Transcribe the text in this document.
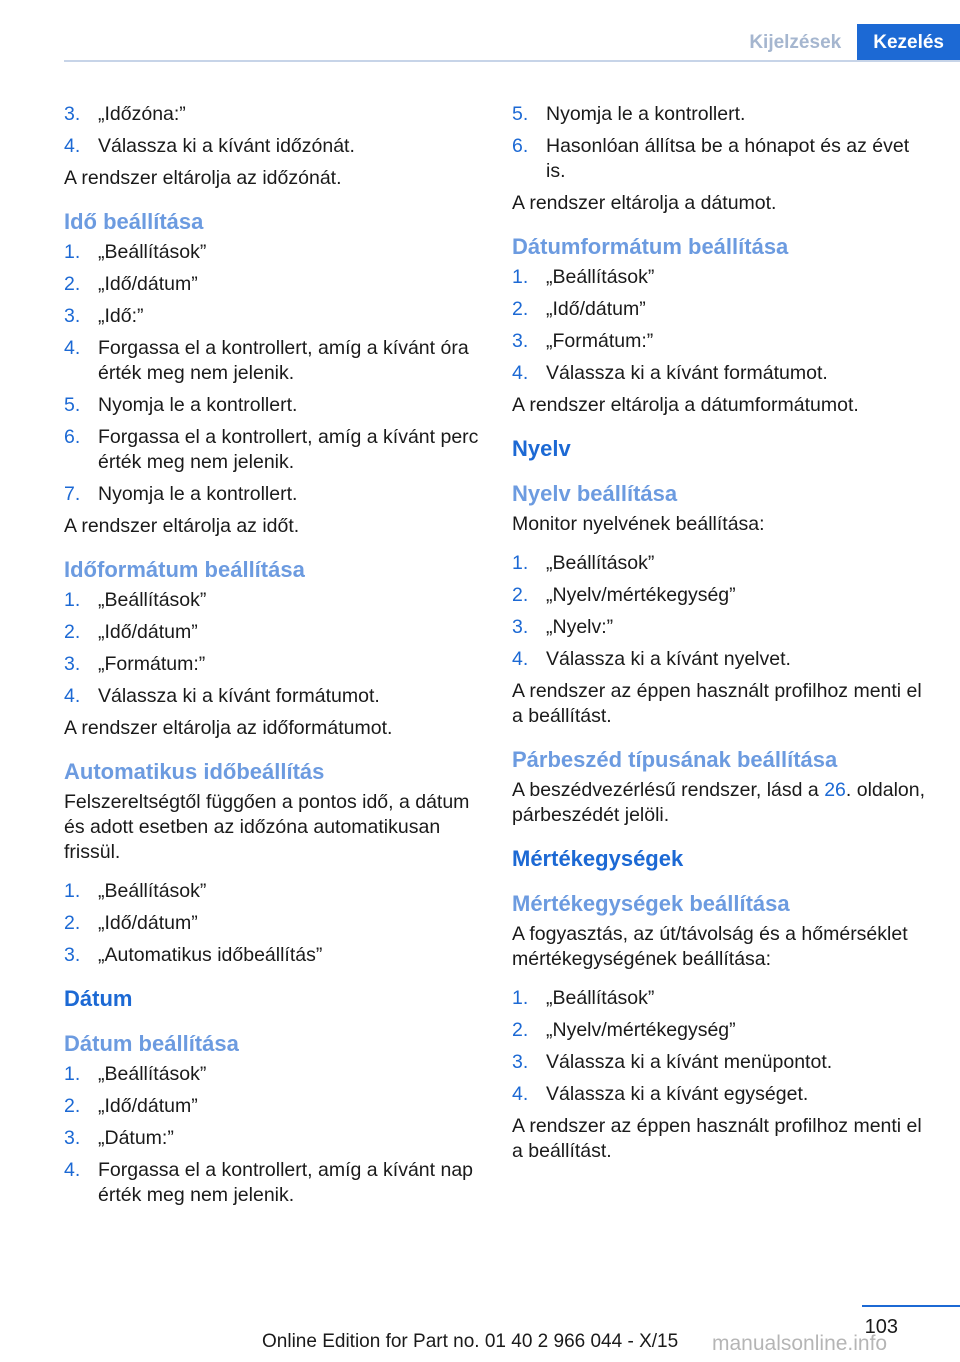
Kijelzések	Kezelés
3. „Időzóna:”
4. Válassza ki a kívánt időzónát.

A rendszer eltárolja az időzónát.

Idő beállítása
1. „Beállítások”
2. „Idő/dátum”
3. „Idő:”
4. Forgassa el a kontrollert, amíg a kívánt óra érték meg nem jelenik.
5. Nyomja le a kontrollert.
6. Forgassa el a kontrollert, amíg a kívánt perc érték meg nem jelenik.
7. Nyomja le a kontrollert.

A rendszer eltárolja az időt.

Időformátum beállítása
1. „Beállítások”
2. „Idő/dátum”
3. „Formátum:”
4. Válassza ki a kívánt formátumot.

A rendszer eltárolja az időformátumot.

Automatikus időbeállítás

Felszereltségtől függően a pontos idő, a dátum és adott esetben az időzóna automatikusan frissül.

1. „Beállítások”
2. „Idő/dátum”
3. „Automatikus időbeállítás”
Dátum
Dátum beállítása
1. „Beállítások”
2. „Idő/dátum”
3. „Dátum:”
4. Forgassa el a kontrollert, amíg a kívánt nap érték meg nem jelenik.
5. Nyomja le a kontrollert.
6. Hasonlóan állítsa be a hónapot és az évet is.

A rendszer eltárolja a dátumot.

Dátumformátum beállítása
1. „Beállítások”
2. „Idő/dátum”
3. „Formátum:”
4. Válassza ki a kívánt formátumot.

A rendszer eltárolja a dátumformátumot.

Nyelv
Nyelv beállítása

Monitor nyelvének beállítása:

1. „Beállítások”
2. „Nyelv/mértékegység”
3. „Nyelv:”
4. Válassza ki a kívánt nyelvet.

A rendszer az éppen használt profilhoz menti el a beállítást.

Párbeszéd típusának beállítása

A beszédvezérlésű rendszer, lásd a 26. oldalon, párbeszédét jelöli.

Mértékegységek
Mértékegységek beállítása

A fogyasztás, az út/távolság és a hőmérséklet mértékegységének beállítása:

1. „Beállítások”
2. „Nyelv/mértékegység”
3. Válassza ki a kívánt menüpontot.
4. Válassza ki a kívánt egységet.

A rendszer az éppen használt profilhoz menti el a beállítást.

103
Online Edition for Part no. 01 40 2 966 044 - X/15 manualsonline.info
